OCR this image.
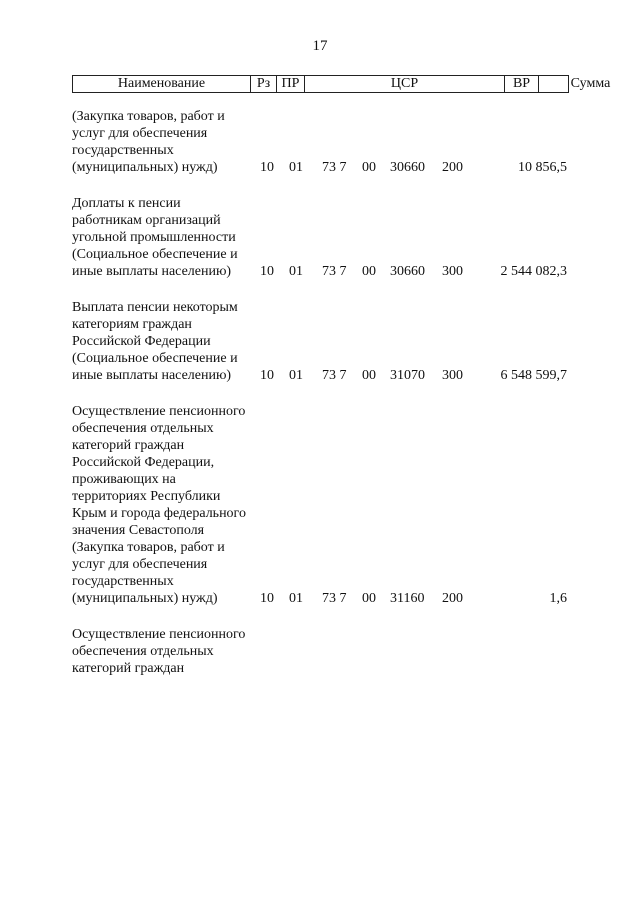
17
Наименование	Рз ПР	ЦСР	ВР	Сумма
(Закупка товаров, работ и услуг для обеспечения государственных (муниципальных) нужд)	10 01 73 7 00 30660 200	10 856,5
Доплаты к пенсии работникам организаций угольной промышленности (Социальное обеспечение и иные выплаты населению)	10 01 73 7 00 30660 300	2 544 082,3
Выплата пенсии некоторым категориям граждан Российской Федерации (Социальное обеспечение и иные выплаты населению)	10 01 73 7 00 31070 300	6 548 599,7
Осуществление пенсионного обеспечения отдельных категорий граждан Российской Федерации, проживающих на территориях Республики Крым и города федерального значения Севастополя (Закупка товаров, работ и услуг для обеспечения государственных (муниципальных) нужд)	10 01 73 7 00 31160 200	1,6
Осуществление пенсионного обеспечения отдельных категорий граждан
